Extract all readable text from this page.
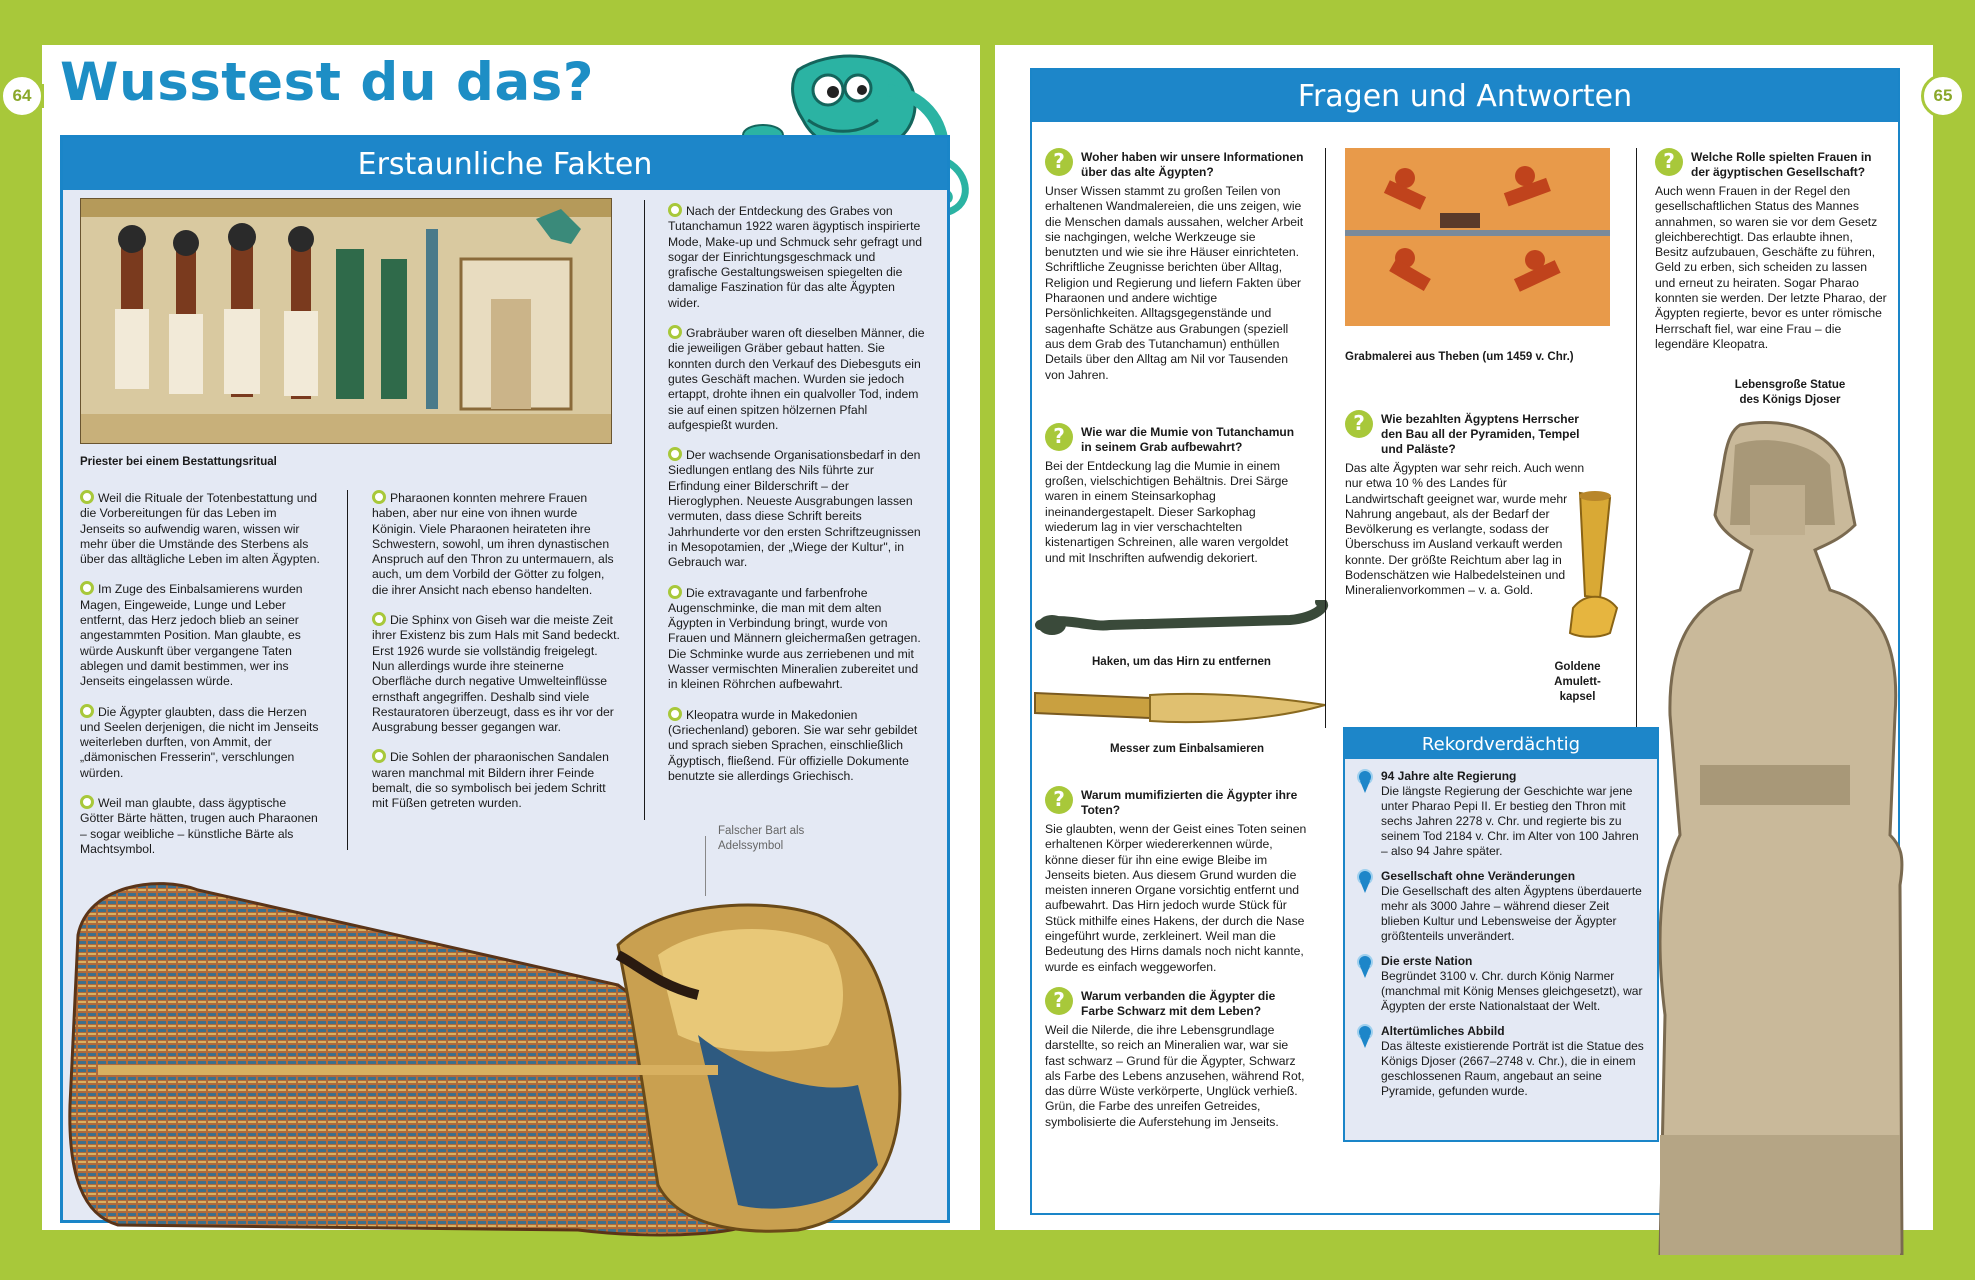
64	65
Wusstest du das?
Erstaunliche Fakten
Priester bei einem Bestattungsritual

Weil die Rituale der Totenbestattung und die Vorbereitungen für das Leben im Jenseits so aufwendig waren, wissen wir mehr über die Umstände des Sterbens als über das alltägliche Leben im alten Ägypten.

Im Zuge des Einbalsamierens wurden Magen, Eingeweide, Lunge und Leber entfernt, das Herz jedoch blieb an seiner angestammten Position. Man glaubte, es würde Auskunft über vergangene Taten ablegen und damit bestimmen, wer ins Jenseits eingelassen würde.

Die Ägypter glaubten, dass die Herzen und Seelen derjenigen, die nicht im Jenseits weiterleben durften, von Ammit, der „dämonischen Fresserin", verschlungen würden.

Weil man glaubte, dass ägyptische Götter Bärte hätten, trugen auch Pharaonen – sogar weibliche – künstliche Bärte als Machtsymbol.

Pharaonen konnten mehrere Frauen haben, aber nur eine von ihnen wurde Königin. Viele Pharaonen heirateten ihre Schwestern, sowohl, um ihren dynastischen Anspruch auf den Thron zu untermauern, als auch, um dem Vorbild der Götter zu folgen, die ihrer Ansicht nach ebenso handelten.

Die Sphinx von Giseh war die meiste Zeit ihrer Existenz bis zum Hals mit Sand bedeckt. Erst 1926 wurde sie vollständig freigelegt. Nun allerdings wurde ihre steinerne Oberfläche durch negative Umwelteinflüsse ernsthaft angegriffen. Deshalb sind viele Restauratoren überzeugt, dass es ihr vor der Ausgrabung besser gegangen war.

Die Sohlen der pharaonischen Sandalen waren manchmal mit Bildern ihrer Feinde bemalt, die so symbolisch bei jedem Schritt mit Füßen getreten wurden.

Nach der Entdeckung des Grabes von Tutanchamun 1922 waren ägyptisch inspirierte Mode, Make-up und Schmuck sehr gefragt und sogar der Einrichtungsgeschmack und grafische Gestaltungsweisen spiegelten die damalige Faszination für das alte Ägypten wider.

Grabräuber waren oft dieselben Männer, die die jeweiligen Gräber gebaut hatten. Sie konnten durch den Verkauf des Diebesguts ein gutes Geschäft machen. Wurden sie jedoch ertappt, drohte ihnen ein qualvoller Tod, indem sie auf einen spitzen hölzernen Pfahl aufgespießt wurden.

Der wachsende Organisationsbedarf in den Siedlungen entlang des Nils führte zur Erfindung einer Bilderschrift – der Hieroglyphen. Neueste Ausgrabungen lassen vermuten, dass diese Schrift bereits Jahrhunderte vor den ersten Schriftzeugnissen in Mesopotamien, der „Wiege der Kultur", in Gebrauch war.

Die extravagante und farbenfrohe Augenschminke, die man mit dem alten Ägypten in Verbindung bringt, wurde von Frauen und Männern gleichermaßen getragen. Die Schminke wurde aus zerriebenen und mit Wasser vermischten Mineralien zubereitet und in kleinen Röhrchen aufbewahrt.

Kleopatra wurde in Makedonien (Griechenland) geboren. Sie war sehr gebildet und sprach sieben Sprachen, einschließlich Ägyptisch, fließend. Für offizielle Dokumente benutzte sie allerdings Griechisch.

Falscher Bart als Adelssymbol
Fragen und Antworten
?	Woher haben wir unsere Informationen über das alte Ägypten?
Unser Wissen stammt zu großen Teilen von erhaltenen Wandmalereien, die uns zeigen, wie die Menschen damals aussahen, welcher Arbeit sie nachgingen, welche Werkzeuge sie benutzten und wie sie ihre Häuser einrichteten. Schriftliche Zeugnisse berichten über Alltag, Religion und Regierung und liefern Fakten über Pharaonen und andere wichtige Persönlichkeiten. Alltagsgegenstände und sagenhafte Schätze aus Grabungen (speziell aus dem Grab des Tutanchamun) enthüllen Details über den Alltag am Nil vor Tausenden von Jahren.
?	Wie war die Mumie von Tutanchamun in seinem Grab aufbewahrt?
Bei der Entdeckung lag die Mumie in einem großen, vielschichtigen Behältnis. Drei Särge waren in einem Steinsarkophag ineinandergestapelt. Dieser Sarkophag wiederum lag in vier verschachtelten kistenartigen Schreinen, alle waren vergoldet und mit Inschriften aufwendig dekoriert.
?	Warum mumifizierten die Ägypter ihre Toten?
Sie glaubten, wenn der Geist eines Toten seinen erhaltenen Körper wiedererkennen würde, könne dieser für ihn eine ewige Bleibe im Jenseits bieten. Aus diesem Grund wurden die meisten inneren Organe vorsichtig entfernt und aufbewahrt. Das Hirn jedoch wurde Stück für Stück mithilfe eines Hakens, der durch die Nase eingeführt wurde, zerkleinert. Weil man die Bedeutung des Hirns damals noch nicht kannte, wurde es einfach weggeworfen.
?	Warum verbanden die Ägypter die Farbe Schwarz mit dem Leben?
Weil die Nilerde, die ihre Lebensgrundlage darstellte, so reich an Mineralien war, war sie fast schwarz – Grund für die Ägypter, Schwarz als Farbe des Lebens anzusehen, während Rot, das dürre Wüste verkörperte, Unglück verhieß. Grün, die Farbe des unreifen Getreides, symbolisierte die Auferstehung im Jenseits.
Haken, um das Hirn zu entfernen
Messer zum Einbalsamieren
Grabmalerei aus Theben (um 1459 v. Chr.)
?	Wie bezahlten Ägyptens Herrscher den Bau all der Pyramiden, Tempel und Paläste?
Das alte Ägypten war sehr reich. Auch wenn nur etwa 10 % des Landes für Landwirtschaft geeignet war, wurde mehr Nahrung angebaut, als der Bedarf der Bevölkerung es verlangte, sodass der Überschuss im Ausland verkauft werden konnte. Der größte Reichtum aber lag in Bodenschätzen wie Halbedelsteinen und Mineralienvorkommen – v. a. Gold.
Goldene Amulett-kapsel
?	Welche Rolle spielten Frauen in der ägyptischen Gesellschaft?
Auch wenn Frauen in der Regel den gesellschaftlichen Status des Mannes annahmen, so waren sie vor dem Gesetz gleichberechtigt. Das erlaubte ihnen, Besitz aufzubauen, Geschäfte zu führen, Geld zu erben, sich scheiden zu lassen und erneut zu heiraten. Sogar Pharao konnten sie werden. Der letzte Pharao, der Ägypten regierte, bevor es unter römische Herrschaft fiel, war eine Frau – die legendäre Kleopatra.
Lebensgroße Statue des Königs Djoser
Rekordverdächtig
94 Jahre alte Regierung
Die längste Regierung der Geschichte war jene unter Pharao Pepi II. Er bestieg den Thron mit sechs Jahren 2278 v. Chr. und regierte bis zu seinem Tod 2184 v. Chr. im Alter von 100 Jahren – also 94 Jahre später.
Gesellschaft ohne Veränderungen
Die Gesellschaft des alten Ägyptens überdauerte mehr als 3000 Jahre – während dieser Zeit blieben Kultur und Lebensweise der Ägypter größtenteils unverändert.
Die erste Nation
Begründet 3100 v. Chr. durch König Narmer (manchmal mit König Menses gleichgesetzt), war Ägypten der erste Nationalstaat der Welt.
Altertümliches Abbild
Das älteste existierende Porträt ist die Statue des Königs Djoser (2667–2748 v. Chr.), die in einem geschlossenen Raum, angebaut an seine Pyramide, gefunden wurde.
